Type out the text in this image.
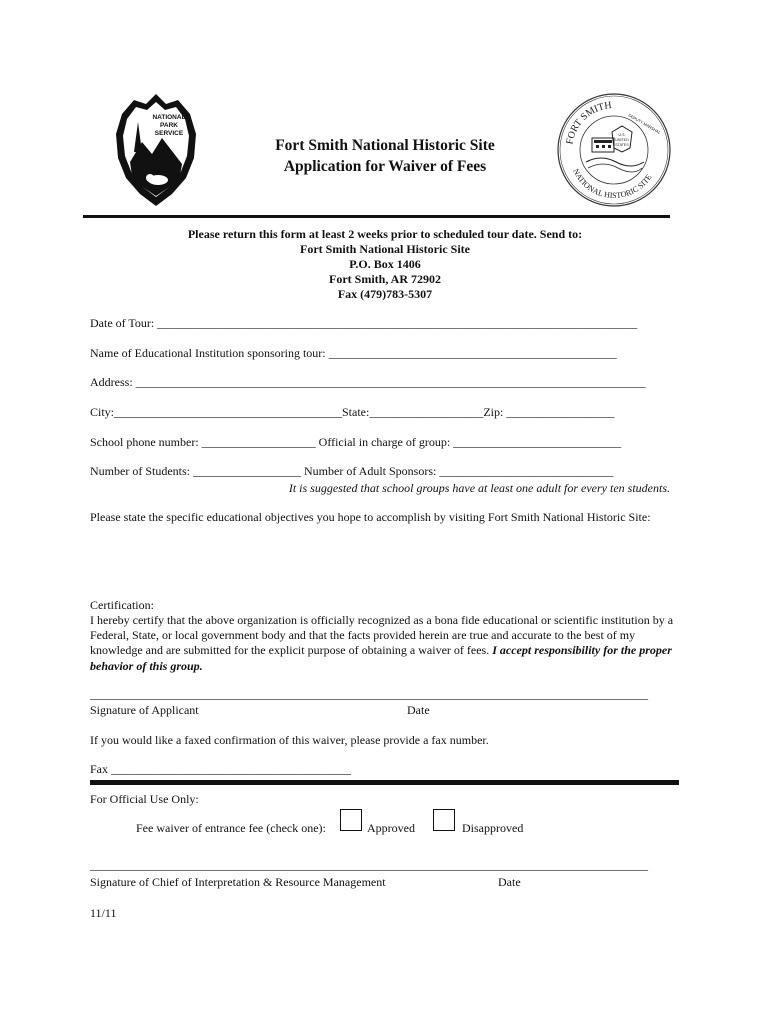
NATIONAL
PARK
SERVICE
Fort Smith National Historic Site
Application for Waiver of Fees
FORT SMITH
NATIONAL HISTORIC SITE
DEPUTY MARSHAL
U.S.
UNITED
STATES
Please return this form at least 2 weeks prior to scheduled tour date. Send to:
Fort Smith National Historic Site
P.O. Box 1406
Fort Smith, AR 72902
Fax (479)783-5307
Date of Tour: ________________________________________________________________________________
Name of Educational Institution sponsoring tour: ________________________________________________
Address: _____________________________________________________________________________________
City:______________________________________State:___________________Zip: __________________
School phone number: ___________________ Official in charge of group: ____________________________
Number of Students: __________________ Number of Adult Sponsors: _____________________________
It is suggested that school groups have at least one adult for every ten students.
Please state the specific educational objectives you hope to accomplish by visiting Fort Smith National Historic Site:
Certification:
I hereby certify that the above organization is officially recognized as a bona fide educational or scientific institution by a Federal, State, or local government body and that the facts provided herein are true and accurate to the best of my knowledge and are submitted for the explicit purpose of obtaining a waiver of fees. I accept responsibility for the proper behavior of this group.
_____________________________________________________________________________________________
Signature of Applicant	Date
If you would like a faxed confirmation of this waiver, please provide a fax number.
Fax ________________________________________
For Official Use Only:
Fee waiver of entrance fee (check one):	Approved	Disapproved
_____________________________________________________________________________________________
Signature of Chief of Interpretation & Resource Management	Date
11/11
